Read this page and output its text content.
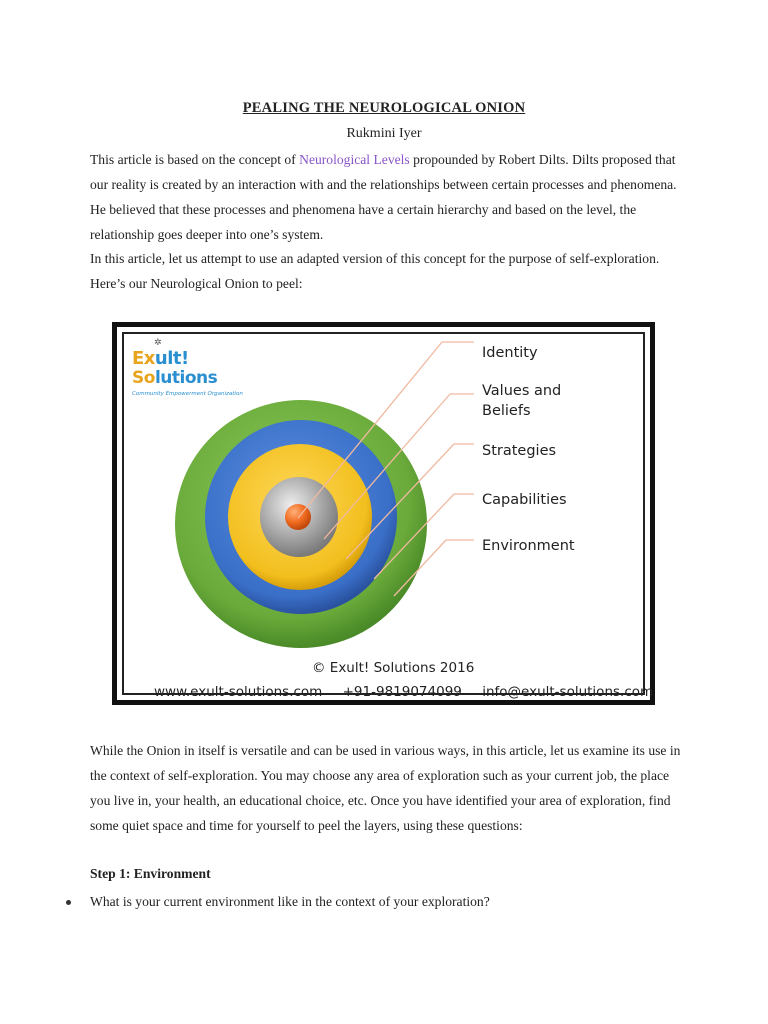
PEALING THE NEUROLOGICAL ONION
Rukmini Iyer

This article is based on the concept of Neurological Levels propounded by Robert Dilts. Dilts proposed that our reality is created by an interaction with and the relationships between certain processes and phenomena. He believed that these processes and phenomena have a certain hierarchy and based on the level, the relationship goes deeper into one’s system.

In this article, let us attempt to use an adapted version of this concept for the purpose of self-exploration. Here’s our Neurological Onion to peel:

✲
Exult!
Solutions
Community Empowerment Organization
Identity
Values and Beliefs
Strategies
Capabilities
Environment
© Exult! Solutions 2016
www.exult-solutions.com +91-9819074099 info@exult-solutions.com

While the Onion in itself is versatile and can be used in various ways, in this article, let us examine its use in the context of self-exploration. You may choose any area of exploration such as your current job, the place you live in, your health, an educational choice, etc. Once you have identified your area of exploration, find some quiet space and time for yourself to peel the layers, using these questions:

Step 1: Environment

What is your current environment like in the context of your exploration?
